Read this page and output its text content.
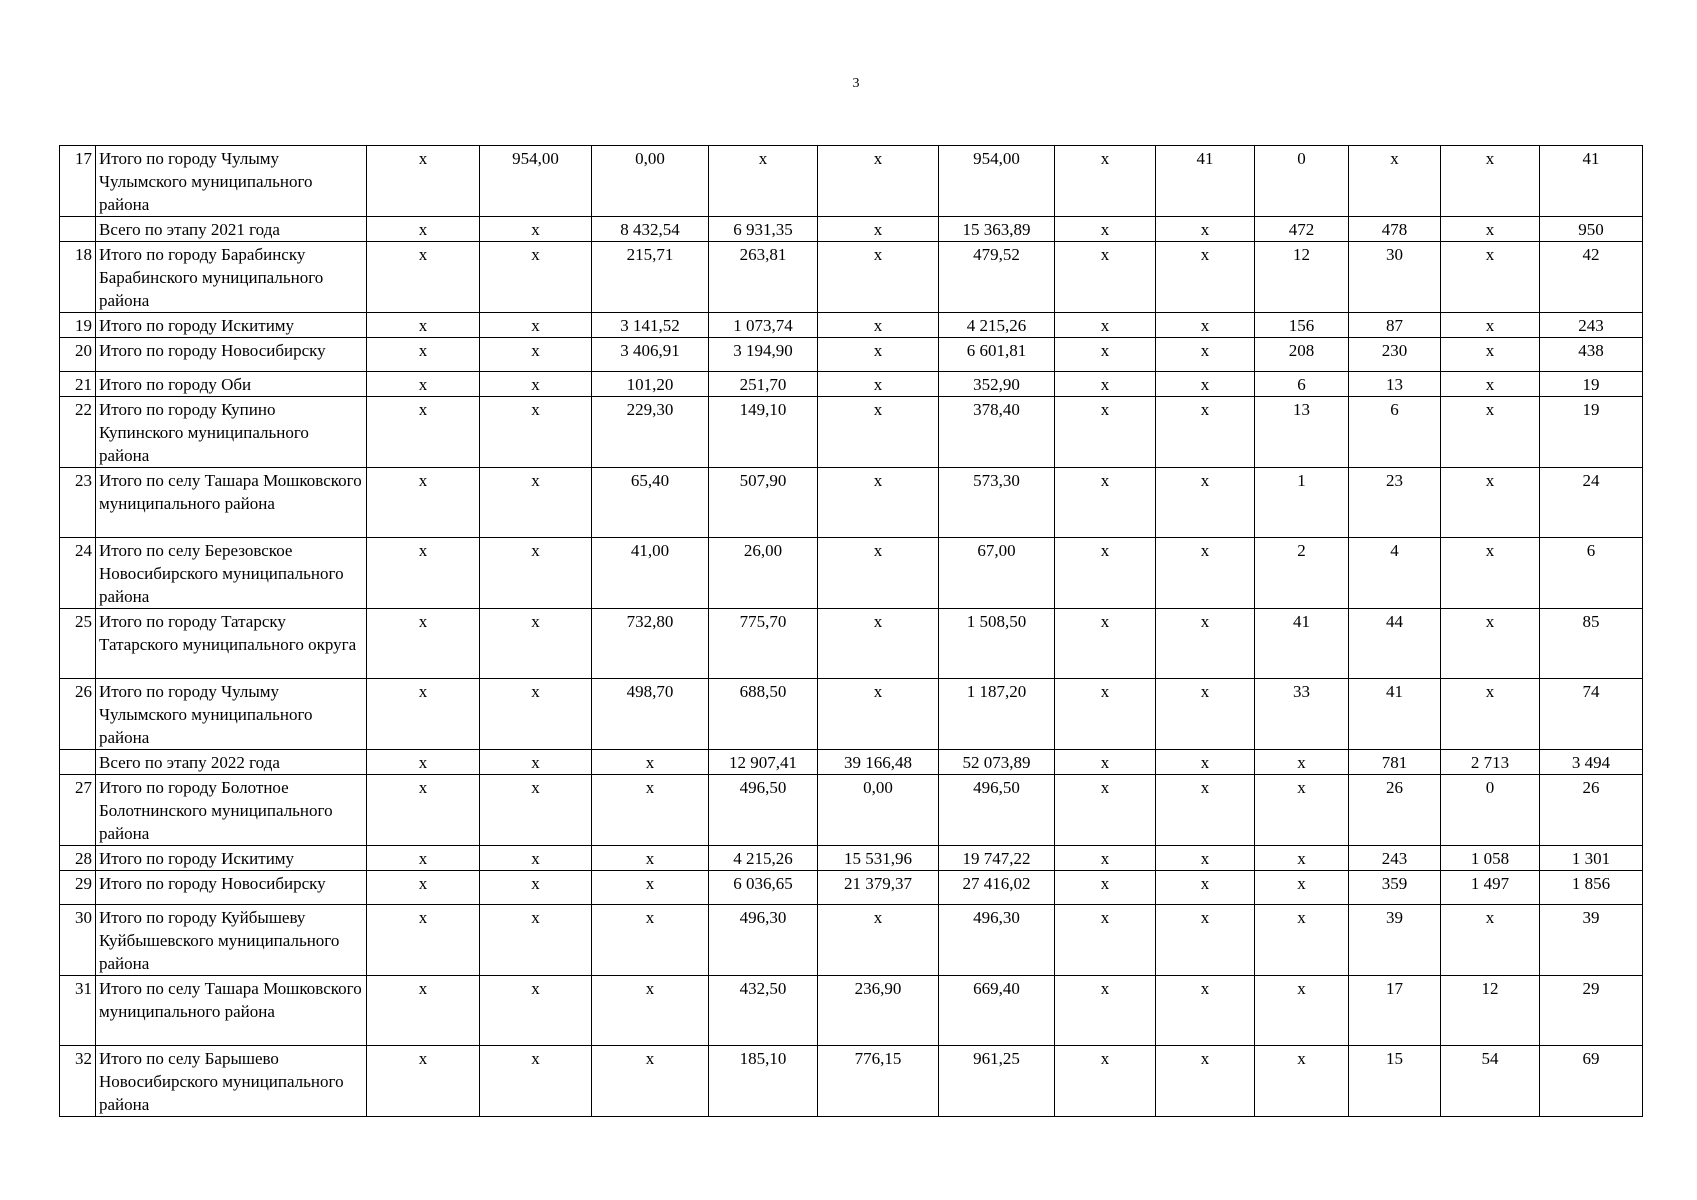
3
17	Итого по городу Чулыму Чулымского муниципального района	x	954,00	0,00	x	x	954,00	x	41	0	x	x	41
	Всего по этапу 2021 года	x	x	8 432,54	6 931,35	x	15 363,89	x	x	472	478	x	950
18	Итого по городу Барабинску Барабинского муниципального района	x	x	215,71	263,81	x	479,52	x	x	12	30	x	42
19	Итого по городу Искитиму	x	x	3 141,52	1 073,74	x	4 215,26	x	x	156	87	x	243
20	Итого по городу Новосибирску	x	x	3 406,91	3 194,90	x	6 601,81	x	x	208	230	x	438
21	Итого по городу Оби	x	x	101,20	251,70	x	352,90	x	x	6	13	x	19
22	Итого по городу Купино Купинского муниципального района	x	x	229,30	149,10	x	378,40	x	x	13	6	x	19
23	Итого по селу Ташара Мошковского муниципального района	x	x	65,40	507,90	x	573,30	x	x	1	23	x	24
24	Итого по селу Березовское Новосибирского муниципального района	x	x	41,00	26,00	x	67,00	x	x	2	4	x	6
25	Итого по городу Татарску Татарского муниципального округа	x	x	732,80	775,70	x	1 508,50	x	x	41	44	x	85
26	Итого по городу Чулыму Чулымского муниципального района	x	x	498,70	688,50	x	1 187,20	x	x	33	41	x	74
	Всего по этапу 2022 года	x	x	x	12 907,41	39 166,48	52 073,89	x	x	x	781	2 713	3 494
27	Итого по городу Болотное Болотнинского муниципального района	x	x	x	496,50	0,00	496,50	x	x	x	26	0	26
28	Итого по городу Искитиму	x	x	x	4 215,26	15 531,96	19 747,22	x	x	x	243	1 058	1 301
29	Итого по городу Новосибирску	x	x	x	6 036,65	21 379,37	27 416,02	x	x	x	359	1 497	1 856
30	Итого по городу Куйбышеву Куйбышевского муниципального района	x	x	x	496,30	x	496,30	x	x	x	39	x	39
31	Итого по селу Ташара Мошковского муниципального района	x	x	x	432,50	236,90	669,40	x	x	x	17	12	29
32	Итого по селу Барышево Новосибирского муниципального района	x	x	x	185,10	776,15	961,25	x	x	x	15	54	69
